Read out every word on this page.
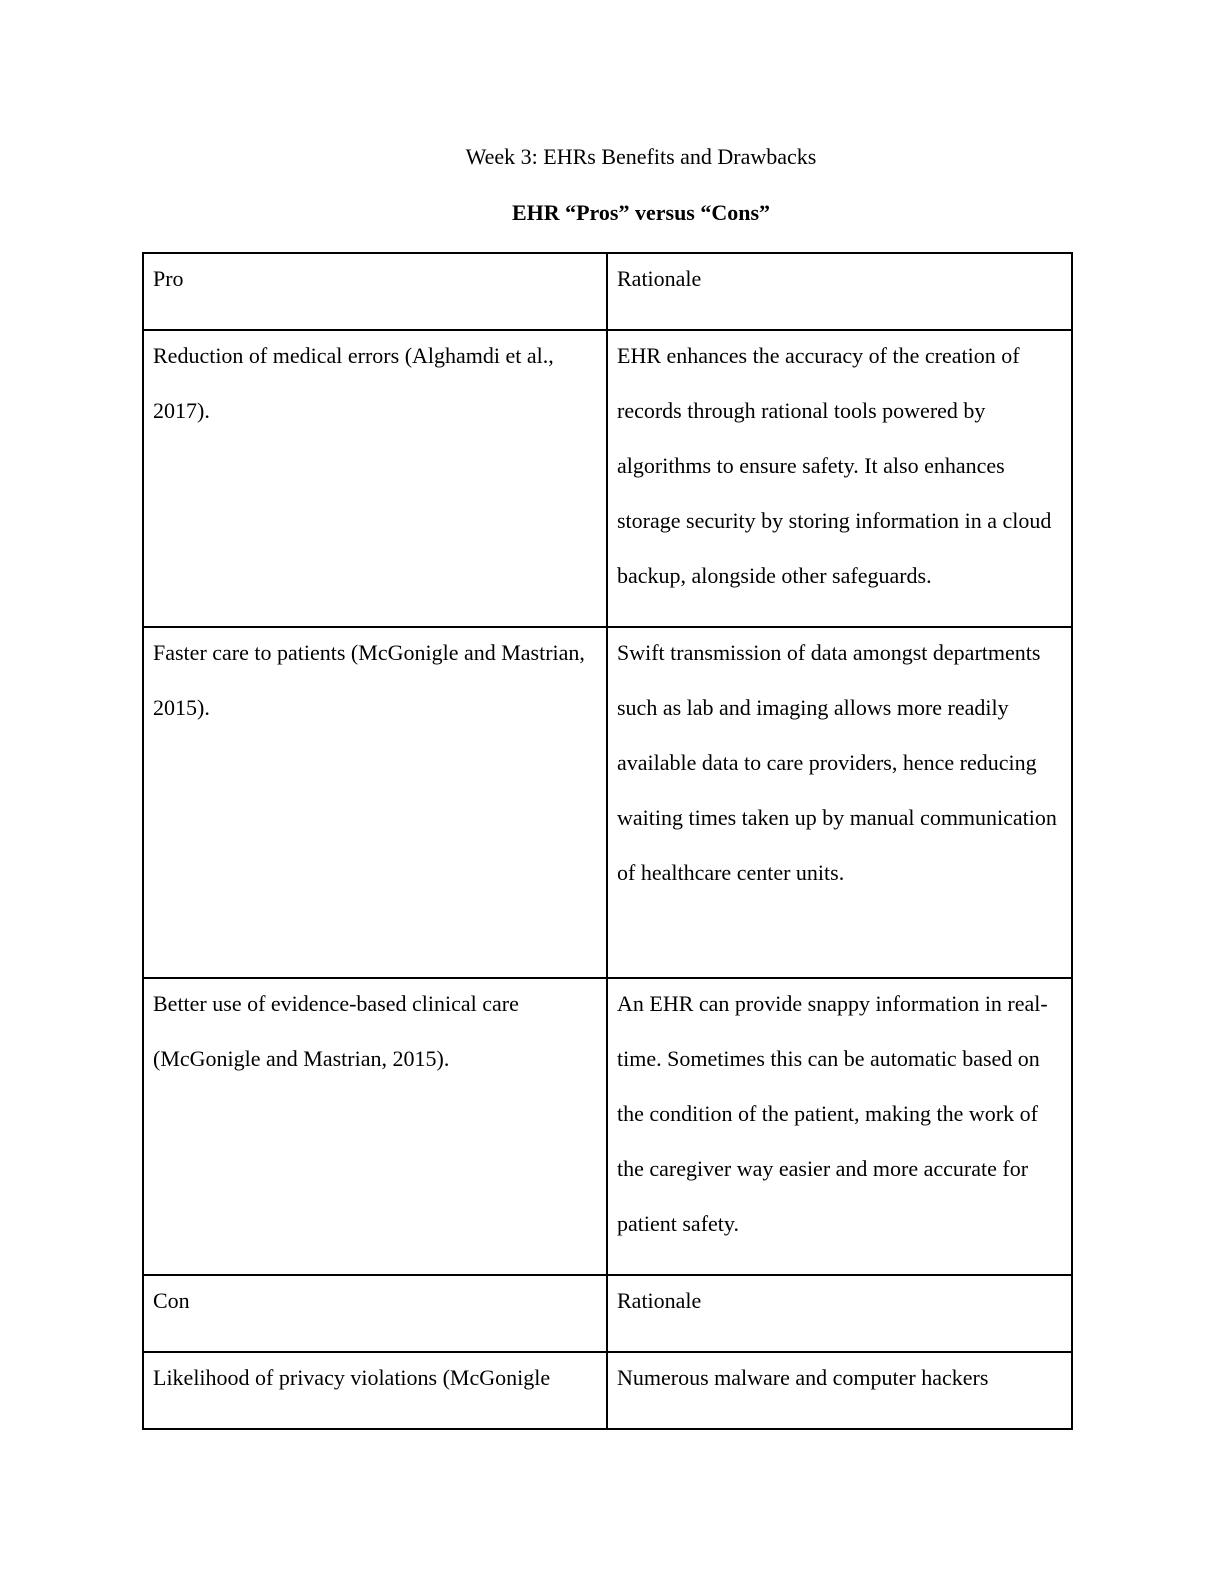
Week 3: EHRs Benefits and Drawbacks
EHR “Pros” versus “Cons”

Pro	Rationale

Reduction of medical errors (Alghamdi et al., 2017).	EHR enhances the accuracy of the creation of records through rational tools powered by algorithms to ensure safety. It also enhances storage security by storing information in a cloud backup, alongside other safeguards.

Faster care to patients (McGonigle and Mastrian, 2015).	Swift transmission of data amongst departments such as lab and imaging allows more readily available data to care providers, hence reducing waiting times taken up by manual communication of healthcare center units.

Better use of evidence-based clinical care (McGonigle and Mastrian, 2015).	An EHR can provide snappy information in real-time. Sometimes this can be automatic based on the condition of the patient, making the work of the caregiver way easier and more accurate for patient safety.

Con	Rationale

Likelihood of privacy violations (McGonigle	Numerous malware and computer hackers
